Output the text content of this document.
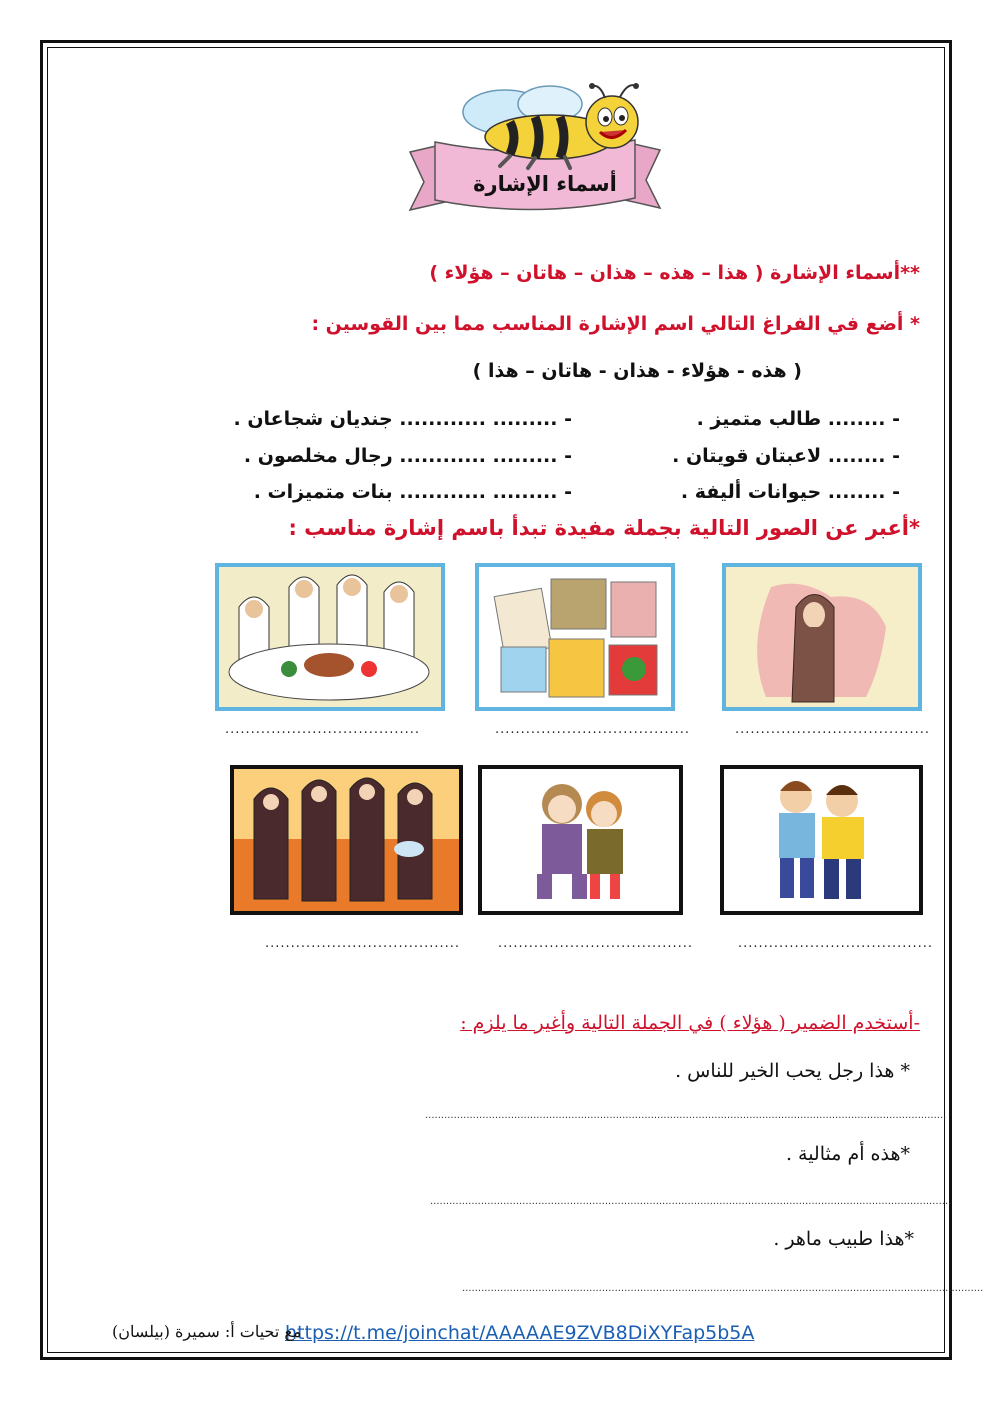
أسماء الإشارة
**أسماء الإشارة ( هذا – هذه – هذان – هاتان – هؤلاء )
* أضع في الفراغ التالي اسم الإشارة المناسب مما بين القوسين :
( هذه - هؤلاء - هذان - هاتان – هذا )
- ........ طالب متميز .
- ......... ............ جنديان شجاعان .
- ........ لاعبتان قويتان .
- ......... ............ رجال مخلصون .
- ........ حيوانات أليفة .
- ......... ............ بنات متميزات .
*أعبر عن الصور التالية بجملة مفيدة تبدأ باسم إشارة مناسب :
......................................	......................................	......................................
......................................	......................................	......................................
-أستخدم الضمير ( هؤلاء ) في الجملة التالية وأغير ما يلزم :
* هذا رجل يحب الخير للناس .
....................................................................................................................................................................
*هذه أم مثالية .
....................................................................................................................................................................
*هذا طبيب ماهر .
....................................................................................................................................................................
https://t.me/joinchat/AAAAAE9ZVB8DiXYFap5b5A
مع تحيات أ: سميرة (بيلسان)
